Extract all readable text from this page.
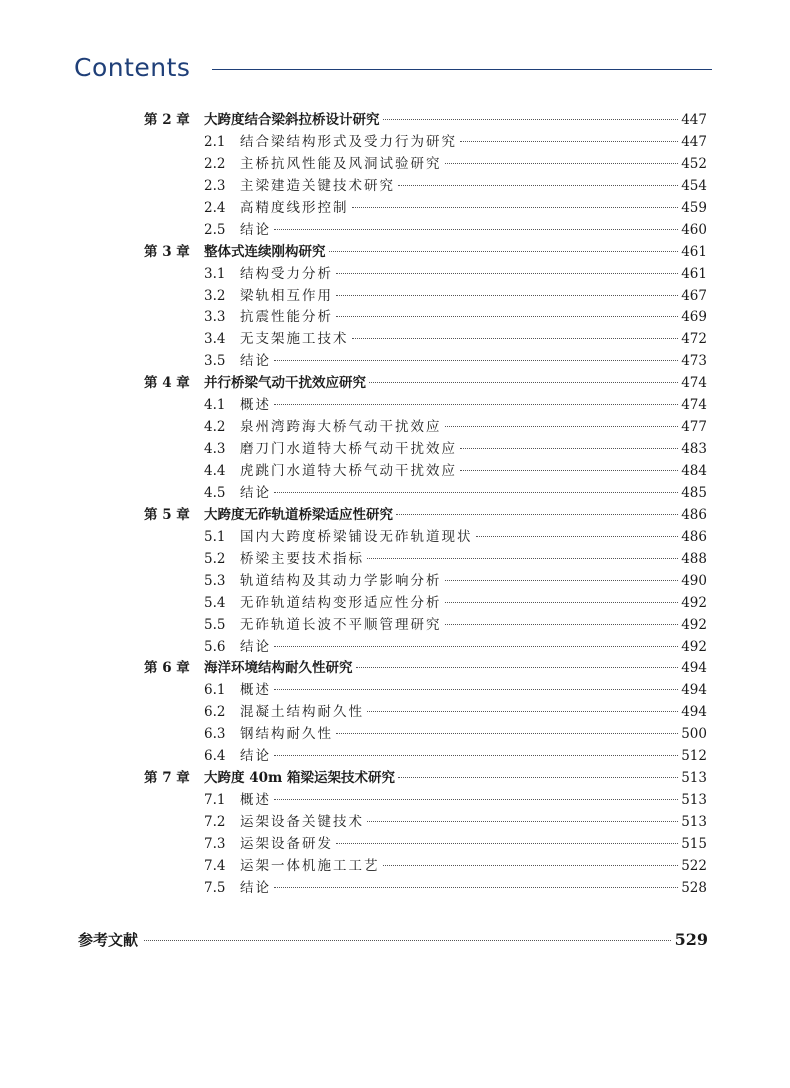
Contents
第 2 章	大跨度结合梁斜拉桥设计研究	447
2.1	结合梁结构形式及受力行为研究	447
2.2	主桥抗风性能及风洞试验研究	452
2.3	主梁建造关键技术研究	454
2.4	高精度线形控制	459
2.5	结论	460
第 3 章	整体式连续刚构研究	461
3.1	结构受力分析	461
3.2	梁轨相互作用	467
3.3	抗震性能分析	469
3.4	无支架施工技术	472
3.5	结论	473
第 4 章	并行桥梁气动干扰效应研究	474
4.1	概述	474
4.2	泉州湾跨海大桥气动干扰效应	477
4.3	磨刀门水道特大桥气动干扰效应	483
4.4	虎跳门水道特大桥气动干扰效应	484
4.5	结论	485
第 5 章	大跨度无砟轨道桥梁适应性研究	486
5.1	国内大跨度桥梁铺设无砟轨道现状	486
5.2	桥梁主要技术指标	488
5.3	轨道结构及其动力学影响分析	490
5.4	无砟轨道结构变形适应性分析	492
5.5	无砟轨道长波不平顺管理研究	492
5.6	结论	492
第 6 章	海洋环境结构耐久性研究	494
6.1	概述	494
6.2	混凝土结构耐久性	494
6.3	钢结构耐久性	500
6.4	结论	512
第 7 章	大跨度 40m 箱梁运架技术研究	513
7.1	概述	513
7.2	运架设备关键技术	513
7.3	运架设备研发	515
7.4	运架一体机施工工艺	522
7.5	结论	528
参考文献	529
